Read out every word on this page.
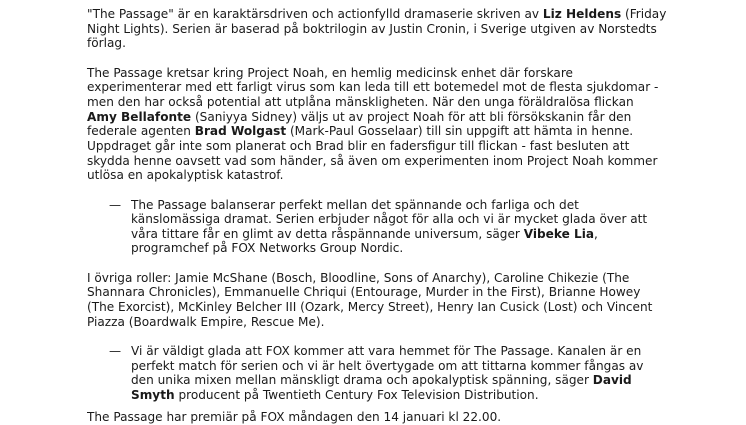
"The Passage" är en karaktärsdriven och actionfylld dramaserie skriven av Liz Heldens (Friday Night Lights). Serien är baserad på boktrilogin av Justin Cronin, i Sverige utgiven av Norstedts förlag.

The Passage kretsar kring Project Noah, en hemlig medicinsk enhet där forskare experimenterar med ett farligt virus som kan leda till ett botemedel mot de flesta sjukdomar - men den har också potential att utplåna mänskligheten. När den unga föräldralösa flickan Amy Bellafonte (Saniyya Sidney) väljs ut av project Noah för att bli försökskanin får den federale agenten Brad Wolgast (Mark-Paul Gosselaar) till sin uppgift att hämta in henne. Uppdraget går inte som planerat och Brad blir en fadersfigur till flickan - fast besluten att skydda henne oavsett vad som händer, så även om experimenten inom Project Noah kommer utlösa en apokalyptisk katastrof.

— The Passage balanserar perfekt mellan det spännande och farliga och det känslomässiga dramat. Serien erbjuder något för alla och vi är mycket glada över att våra tittare får en glimt av detta råspännande universum, säger Vibeke Lia, programchef på FOX Networks Group Nordic.

I övriga roller: Jamie McShane (Bosch, Bloodline, Sons of Anarchy), Caroline Chikezie (The Shannara Chronicles), Emmanuelle Chriqui (Entourage, Murder in the First), Brianne Howey (The Exorcist), McKinley Belcher III (Ozark, Mercy Street), Henry Ian Cusick (Lost) och Vincent Piazza (Boardwalk Empire, Rescue Me).

— Vi är väldigt glada att FOX kommer att vara hemmet för The Passage. Kanalen är en perfekt match för serien och vi är helt övertygade om att tittarna kommer fångas av den unika mixen mellan mänskligt drama och apokalyptisk spänning, säger David Smyth producent på Twentieth Century Fox Television Distribution.

The Passage har premiär på FOX måndagen den 14 januari kl 22.00.
